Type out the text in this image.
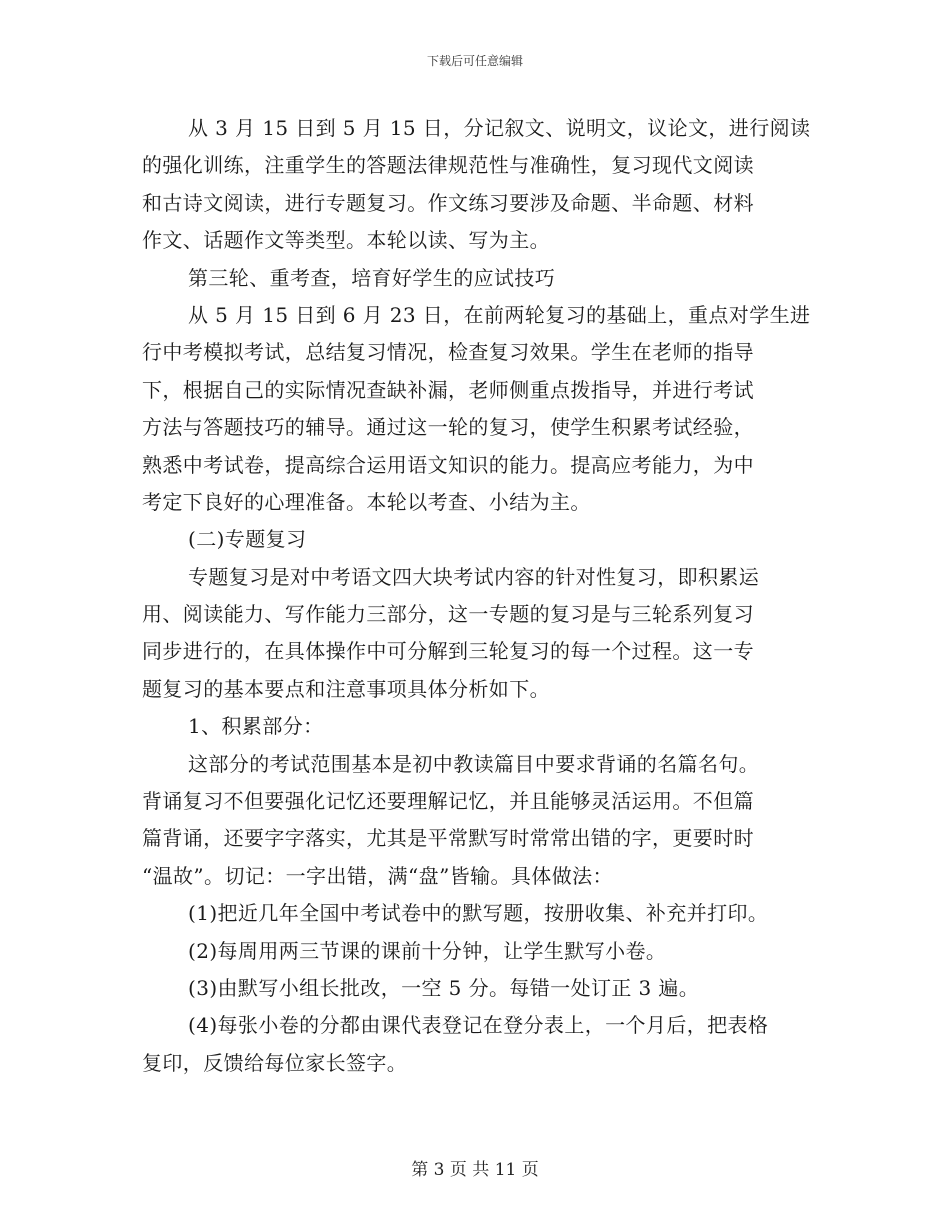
下载后可任意编辑
从 3 月 15 日到 5 月 15 日，分记叙文、说明文，议论文，进行阅读
的强化训练，注重学生的答题法律规范性与准确性，复习现代文阅读
和古诗文阅读，进行专题复习。作文练习要涉及命题、半命题、材料
作文、话题作文等类型。本轮以读、写为主。
第三轮、重考查，培育好学生的应试技巧
从 5 月 15 日到 6 月 23 日，在前两轮复习的基础上，重点对学生进
行中考模拟考试，总结复习情况，检查复习效果。学生在老师的指导
下，根据自己的实际情况查缺补漏，老师侧重点拨指导，并进行考试
方法与答题技巧的辅导。通过这一轮的复习，使学生积累考试经验，
熟悉中考试卷，提高综合运用语文知识的能力。提高应考能力，为中
考定下良好的心理准备。本轮以考查、小结为主。
(二)专题复习
专题复习是对中考语文四大块考试内容的针对性复习，即积累运
用、阅读能力、写作能力三部分，这一专题的复习是与三轮系列复习
同步进行的，在具体操作中可分解到三轮复习的每一个过程。这一专
题复习的基本要点和注意事项具体分析如下。
1、积累部分：
这部分的考试范围基本是初中教读篇目中要求背诵的名篇名句。
背诵复习不但要强化记忆还要理解记忆，并且能够灵活运用。不但篇
篇背诵，还要字字落实，尤其是平常默写时常常出错的字，更要时时
“温故”。切记：一字出错，满“盘”皆输。具体做法：
(1)把近几年全国中考试卷中的默写题，按册收集、补充并打印。
(2)每周用两三节课的课前十分钟，让学生默写小卷。
(3)由默写小组长批改，一空 5 分。每错一处订正 3 遍。
(4)每张小卷的分都由课代表登记在登分表上，一个月后，把表格
复印，反馈给每位家长签字。
第 3 页 共 11 页
